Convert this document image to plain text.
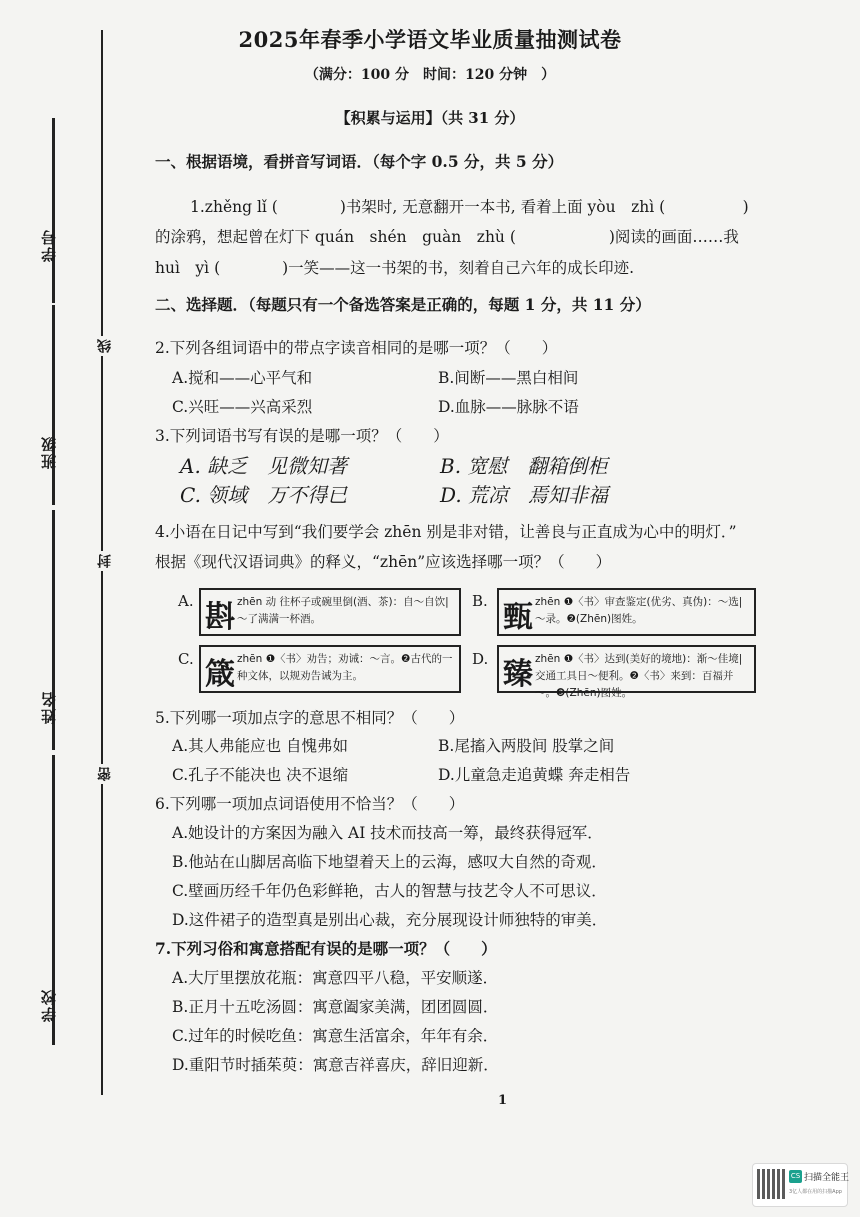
学号
班级
姓名
学校
线
封
密
2025年春季小学语文毕业质量抽测试卷
（满分：100 分　时间：120 分钟　）
【积累与运用】（共 31 分）
一、根据语境，看拼音写词语．（每个字 0.5 分，共 5 分）
1.zhěng lǐ (　　　　)书架时, 无意翻开一本书, 看着上面 yòu　zhì (　　　　　)
的涂鸦，想起曾在灯下 quán　shén　guàn　zhù (　　　　　　)阅读的画面……我
huì　yì (　　　　)一笑——这一书架的书，刻着自己六年的成长印迹.
二、选择题．（每题只有一个备选答案是正确的，每题 1 分，共 11 分）
2.下列各组词语中的带点字读音相同的是哪一项？（　　）
A.搅和——心平气和	B.间断——黑白相间
C.兴旺——兴高采烈	D.血脉——脉脉不语
3.下列词语书写有误的是哪一项？（　　）
A. 缺乏　见微知著	B. 宽慰　翻箱倒柜
C. 领域　万不得已	D. 荒凉　焉知非福
4.小语在日记中写到“我们要学会 zhēn 别是非对错，让善良与正直成为心中的明灯．”
根据《现代汉语词典》的释义，“zhēn”应该选择哪一项？（　　）
A. 斟 zhēn 动 往杯子或碗里倒(酒、茶)：自～自饮|～了满满一杯酒。
B. 甄 zhēn ❶〈书〉审查鉴定(优劣、真伪)：～选|～录。❷(Zhēn)图姓。
C. 箴 zhēn ❶〈书〉劝告；劝诫：～言。❷古代的一种文体，以规劝告诫为主。
D. 臻 zhēn ❶〈书〉达到(美好的境地)：渐～佳境|交通工具日～便利。❷〈书〉来到：百福并～。❸(Zhēn)图姓。
5.下列哪一项加点字的意思不相同？（　　）
A.其人弗能应也 自愧弗如	B.尾搐入两股间 股掌之间
C.孔子不能决也 决不退缩	D.儿童急走追黄蝶 奔走相告
6.下列哪一项加点词语使用不恰当？（　　）
A.她设计的方案因为融入 AI 技术而技高一筹，最终获得冠军．
B.他站在山脚居高临下地望着天上的云海，感叹大自然的奇观．
C.壁画历经千年仍色彩鲜艳，古人的智慧与技艺令人不可思议．
D.这件裙子的造型真是别出心裁，充分展现设计师独特的审美．
7.下列习俗和寓意搭配有误的是哪一项？（　　）
A.大厅里摆放花瓶：寓意四平八稳，平安顺遂．
B.正月十五吃汤圆：寓意阖家美满，团团圆圆．
C.过年的时候吃鱼：寓意生活富余，年年有余．
D.重阳节时插茱萸：寓意吉祥喜庆，辞旧迎新．
1
CS 扫描全能王
3亿人都在用的扫描App
